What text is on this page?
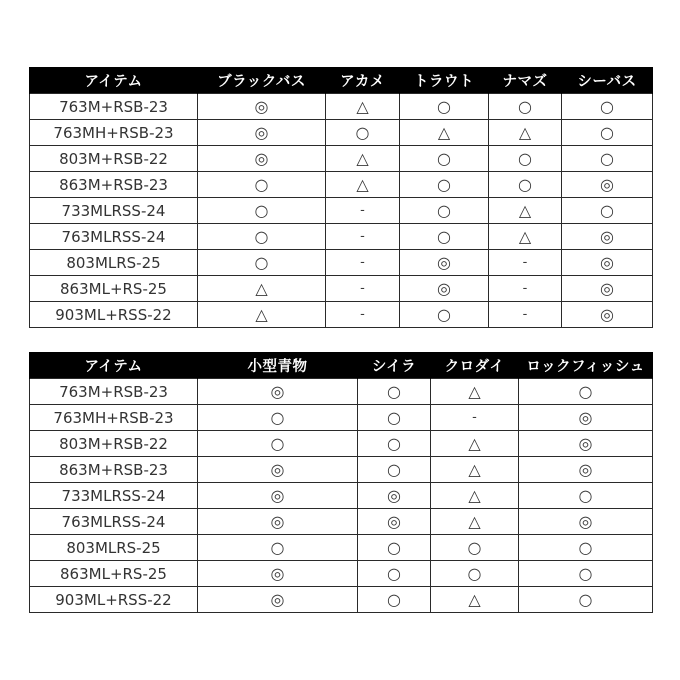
アイテム	ブラックバス	アカメ	トラウト	ナマズ	シーバス
763M+RSB-23	◎	△	○	○	○
763MH+RSB-23	◎	○	△	△	○
803M+RSB-22	◎	△	○	○	○
863M+RSB-23	○	△	○	○	◎
733MLRSS-24	○	-	○	△	○
763MLRSS-24	○	-	○	△	◎
803MLRS-25	○	-	◎	-	◎
863ML+RS-25	△	-	◎	-	◎
903ML+RSS-22	△	-	○	-	◎
アイテム	小型青物	シイラ	クロダイ	ロックフィッシュ
763M+RSB-23	◎	○	△	○
763MH+RSB-23	○	○	-	◎
803M+RSB-22	○	○	△	◎
863M+RSB-23	◎	○	△	◎
733MLRSS-24	◎	◎	△	○
763MLRSS-24	◎	◎	△	◎
803MLRS-25	○	○	○	○
863ML+RS-25	◎	○	○	○
903ML+RSS-22	◎	○	△	○
